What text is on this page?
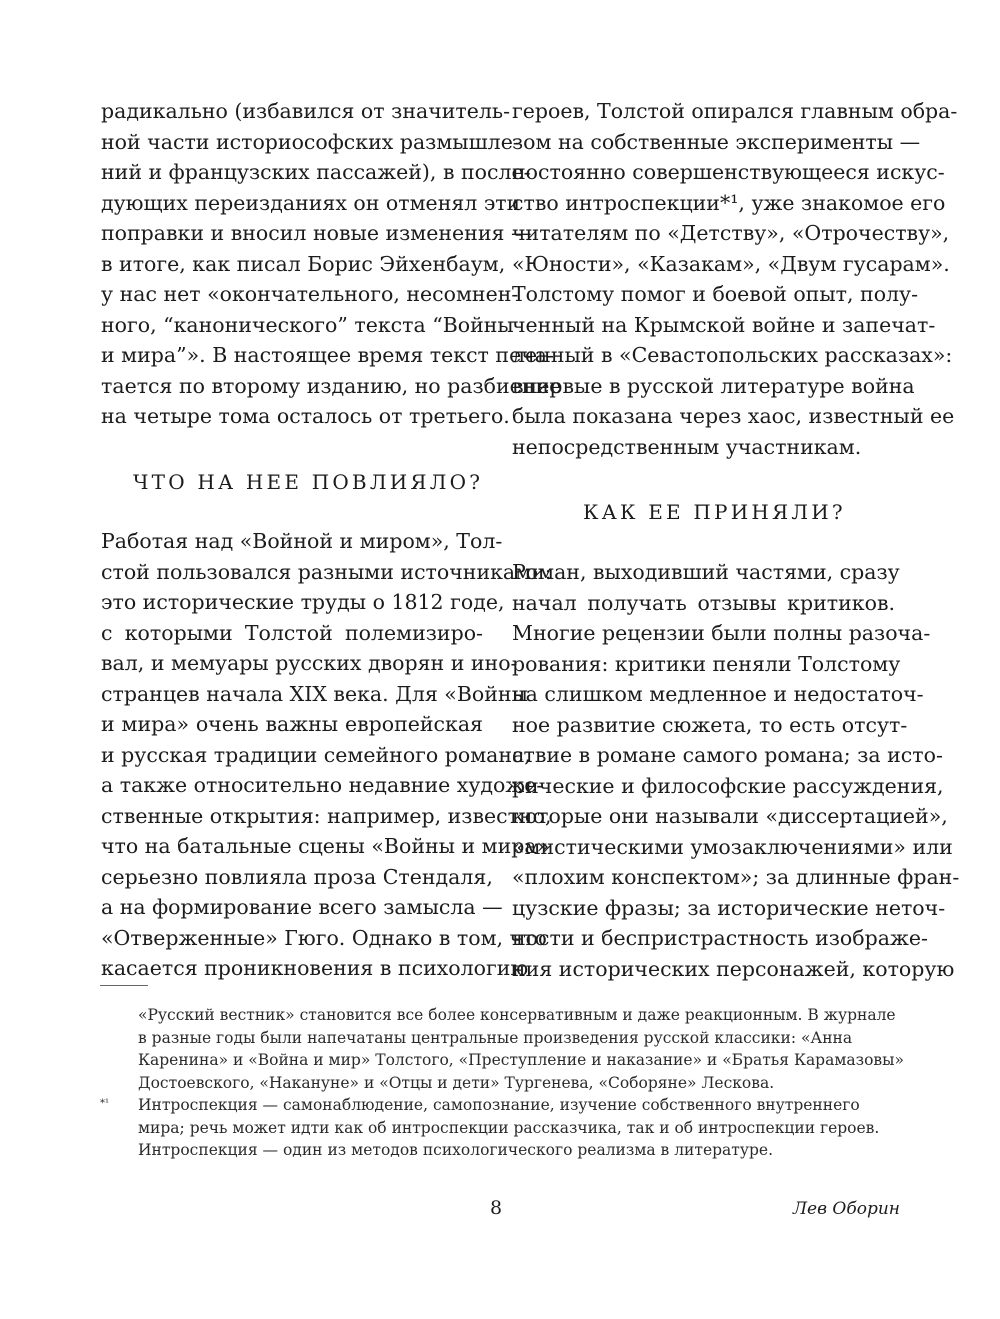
радикально (избавился от значитель-
ной части историософских размышле-
ний и французских пассажей), в после-
дующих переизданиях он отменял эти
поправки и вносил новые изменения —
в итоге, как писал Борис Эйхенбаум,
у нас нет «окончательного, несомнен-
ного, “канонического” текста “Войны
и мира”». В настоящее время текст печа-
тается по второму изданию, но разбиение
на четыре тома осталось от третьего.
ЧТО НА НЕЕ ПОВЛИЯЛО?
Работая над «Войной и миром», Тол-
стой пользовался разными источниками:
это исторические труды о 1812 годе,
с которыми Толстой полемизиро-
вал, и мемуары русских дворян и ино-
странцев начала XIX века. Для «Войны
и мира» очень важны европейская
и русская традиции семейного романа,
а также относительно недавние художе-
ственные открытия: например, известно,
что на батальные сцены «Войны и мира»
серьезно повлияла проза Стендаля,
а на формирование всего замысла —
«Отверженные» Гюго. Однако в том, что
касается проникновения в психологию
героев, Толстой опирался главным обра-
зом на собственные эксперименты —
постоянно совершенствующееся искус-
ство интроспекции*¹, уже знакомое его
читателям по «Детству», «Отрочеству»,
«Юности», «Казакам», «Двум гусарам».
Толстому помог и боевой опыт, полу-
ченный на Крымской войне и запечат-
ленный в «Севастопольских рассказах»:
впервые в русской литературе война
была показана через хаос, известный ее
непосредственным участникам.
КАК ЕЕ ПРИНЯЛИ?
Роман, выходивший частями, сразу
начал получать отзывы критиков.
Многие рецензии были полны разоча-
рования: критики пеняли Толстому
на слишком медленное и недостаточ-
ное развитие сюжета, то есть отсут-
ствие в романе самого романа; за исто-
рические и философские рассуждения,
которые они называли «диссертацией»,
«мистическими умозаключениями» или
«плохим конспектом»; за длинные фран-
цузские фразы; за исторические неточ-
ности и беспристрастность изображе-
ния исторических персонажей, которую
«Русский вестник» становится все более консервативным и даже реакционным. В журнале
в разные годы были напечатаны центральные произведения русской классики: «Анна
Каренина» и «Война и мир» Толстого, «Преступление и наказание» и «Братья Карамазовы»
Достоевского, «Накануне» и «Отцы и дети» Тургенева, «Соборяне» Лескова.
*¹ Интроспекция — самонаблюдение, самопознание, изучение собственного внутреннего
мира; речь может идти как об интроспекции рассказчика, так и об интроспекции героев.
Интроспекция — один из методов психологического реализма в литературе.
8	Лев Оборин
